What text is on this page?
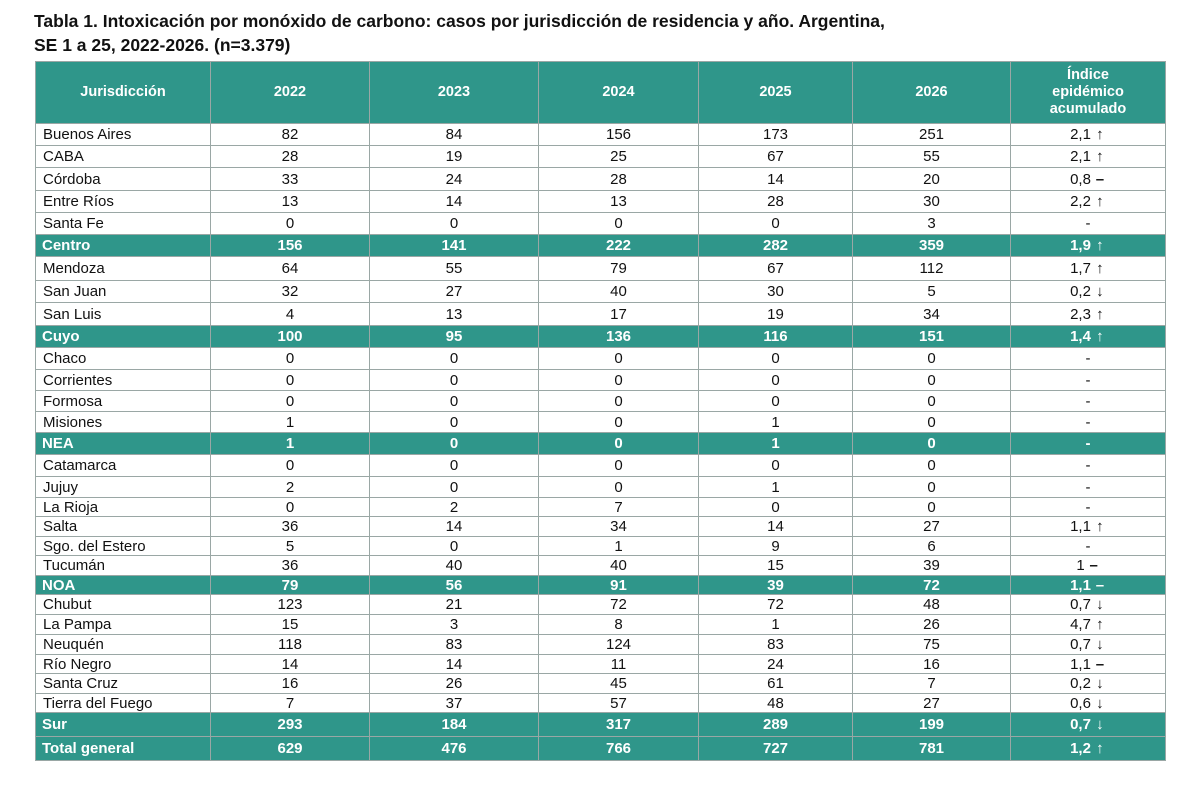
Tabla 1. Intoxicación por monóxido de carbono: casos por jurisdicción de residencia y año. Argentina,
SE 1 a 25, 2022-2026. (n=3.379)
Jurisdicción	2022	2023	2024	2025	2026	Índice
epidémico
acumulado

Buenos Aires	82	84	156	173	251	2,1 ↑
CABA	28	19	25	67	55	2,1 ↑
Córdoba	33	24	28	14	20	0,8 –
Entre Ríos	13	14	13	28	30	2,2 ↑
Santa Fe	0	0	0	0	3	-
Centro	156	141	222	282	359	1,9 ↑
Mendoza	64	55	79	67	112	1,7 ↑
San Juan	32	27	40	30	5	0,2 ↓
San Luis	4	13	17	19	34	2,3 ↑
Cuyo	100	95	136	116	151	1,4 ↑
Chaco	0	0	0	0	0	-
Corrientes	0	0	0	0	0	-
Formosa	0	0	0	0	0	-
Misiones	1	0	0	1	0	-
NEA	1	0	0	1	0	-
Catamarca	0	0	0	0	0	-
Jujuy	2	0	0	1	0	-
La Rioja	0	2	7	0	0	-
Salta	36	14	34	14	27	1,1 ↑
Sgo. del Estero	5	0	1	9	6	-
Tucumán	36	40	40	15	39	1 –
NOA	79	56	91	39	72	1,1 –
Chubut	123	21	72	72	48	0,7 ↓
La Pampa	15	3	8	1	26	4,7 ↑
Neuquén	118	83	124	83	75	0,7 ↓
Río Negro	14	14	11	24	16	1,1 –
Santa Cruz	16	26	45	61	7	0,2 ↓
Tierra del Fuego	7	37	57	48	27	0,6 ↓
Sur	293	184	317	289	199	0,7 ↓
Total general	629	476	766	727	781	1,2 ↑
